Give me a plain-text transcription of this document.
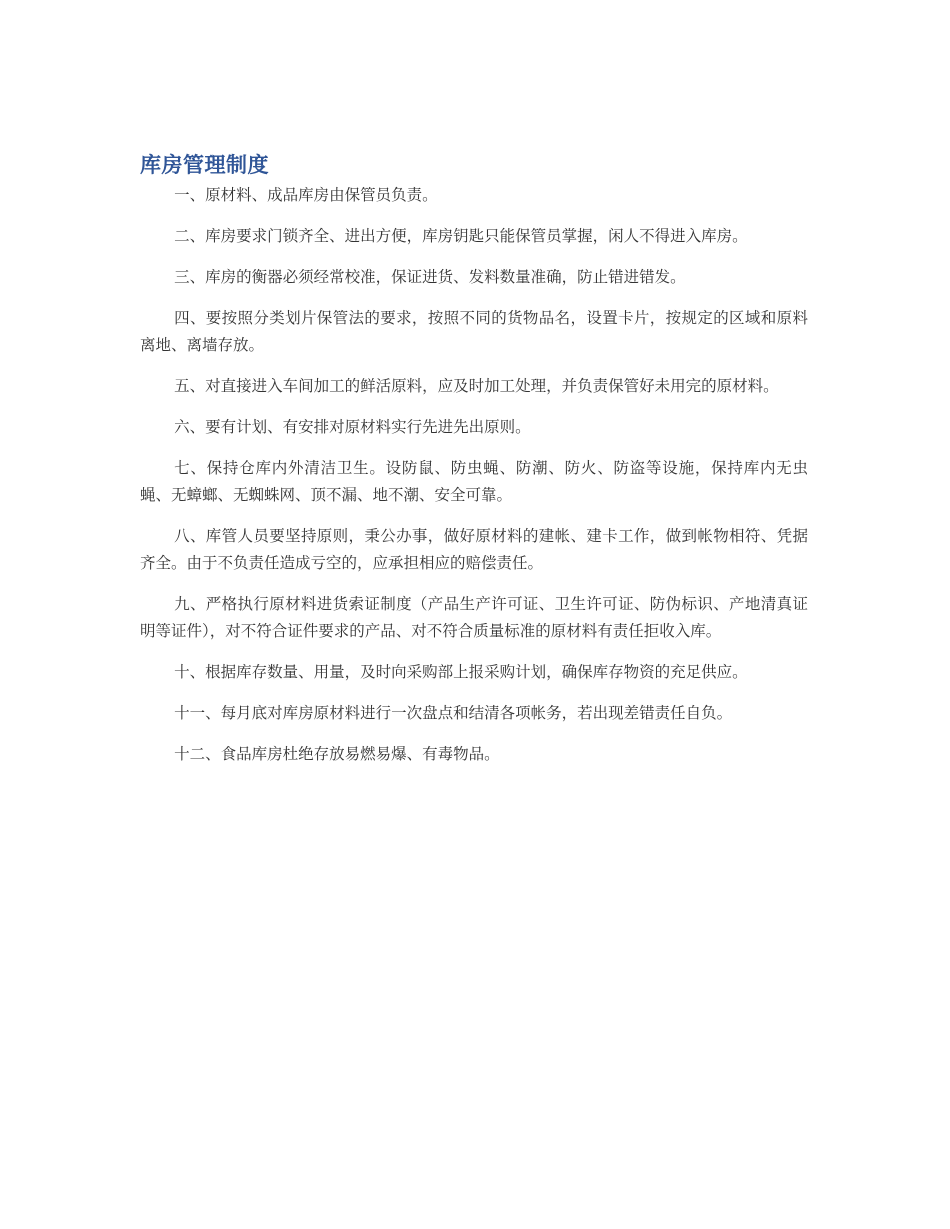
库房管理制度

一、原材料、成品库房由保管员负责。

二、库房要求门锁齐全、进出方便，库房钥匙只能保管员掌握，闲人不得进入库房。

三、库房的衡器必须经常校准，保证进货、发料数量准确，防止错进错发。

四、要按照分类划片保管法的要求，按照不同的货物品名，设置卡片，按规定的区域和原料离地、离墙存放。

五、对直接进入车间加工的鲜活原料，应及时加工处理，并负责保管好未用完的原材料。

六、要有计划、有安排对原材料实行先进先出原则。

七、保持仓库内外清洁卫生。设防鼠、防虫蝇、防潮、防火、防盗等设施，保持库内无虫蝇、无蟑螂、无蜘蛛网、顶不漏、地不潮、安全可靠。

八、库管人员要坚持原则，秉公办事，做好原材料的建帐、建卡工作，做到帐物相符、凭据齐全。由于不负责任造成亏空的，应承担相应的赔偿责任。

九、严格执行原材料进货索证制度（产品生产许可证、卫生许可证、防伪标识、产地清真证明等证件），对不符合证件要求的产品、对不符合质量标准的原材料有责任拒收入库。

十、根据库存数量、用量，及时向采购部上报采购计划，确保库存物资的充足供应。

十一、每月底对库房原材料进行一次盘点和结清各项帐务，若出现差错责任自负。

十二、食品库房杜绝存放易燃易爆、有毒物品。
